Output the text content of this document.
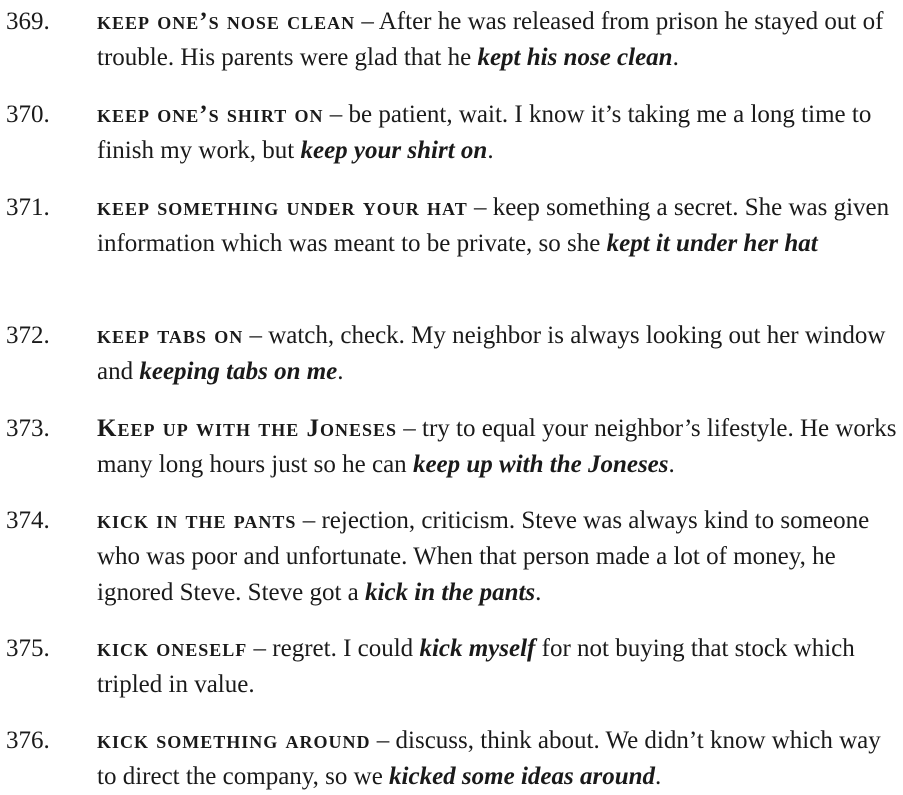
369. keep one’s nose clean – After he was released from prison he stayed out of trouble. His parents were glad that he kept his nose clean.
370. keep one’s shirt on – be patient, wait. I know it’s taking me a long time to finish my work, but keep your shirt on.
371. keep something under your hat – keep something a secret. She was given information which was meant to be private, so she kept it under her hat
372. keep tabs on – watch, check. My neighbor is always looking out her window and keeping tabs on me.
373. Keep up with the Joneses – try to equal your neighbor’s lifestyle. He works many long hours just so he can keep up with the Joneses.
374. kick in the pants – rejection, criticism. Steve was always kind to someone who was poor and unfortunate. When that person made a lot of money, he ignored Steve. Steve got a kick in the pants.
375. kick oneself – regret. I could kick myself for not buying that stock which tripled in value.
376. kick something around – discuss, think about. We didn’t know which way to direct the company, so we kicked some ideas around.
